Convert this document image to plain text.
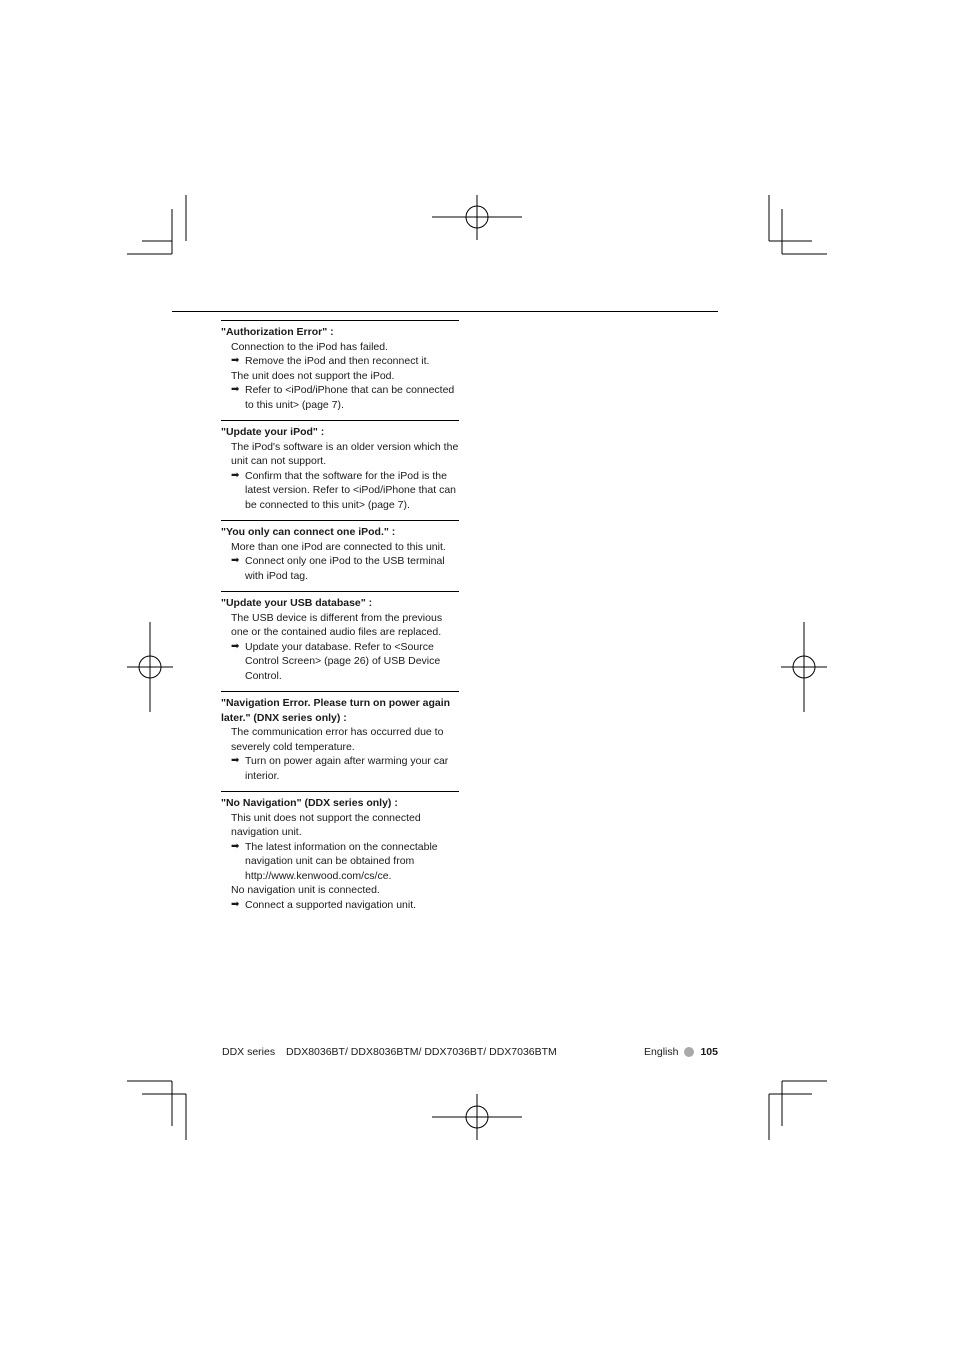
"Authorization Error" :
Connection to the iPod has failed.
➡ Remove the iPod and then reconnect it.
The unit does not support the iPod.
➡ Refer to <iPod/iPhone that can be connected to this unit> (page 7).
"Update your iPod" :
The iPod's software is an older version which the unit can not support.
➡ Confirm that the software for the iPod is the latest version. Refer to <iPod/iPhone that can be connected to this unit> (page 7).
"You only can connect one iPod." :
More than one iPod are connected to this unit.
➡ Connect only one iPod to the USB terminal with iPod tag.
"Update your USB database" :
The USB device is different from the previous one or the contained audio files are replaced.
➡ Update your database. Refer to <Source Control Screen> (page 26) of USB Device Control.
"Navigation Error. Please turn on power again later." (DNX series only) :
The communication error has occurred due to severely cold temperature.
➡ Turn on power again after warming your car interior.
"No Navigation" (DDX series only) :
This unit does not support the connected navigation unit.
➡ The latest information on the connectable navigation unit can be obtained from http://www.kenwood.com/cs/ce.
No navigation unit is connected.
➡ Connect a supported navigation unit.
DDX series DDX8036BT/ DDX8036BTM/ DDX7036BT/ DDX7036BTM	English 105
